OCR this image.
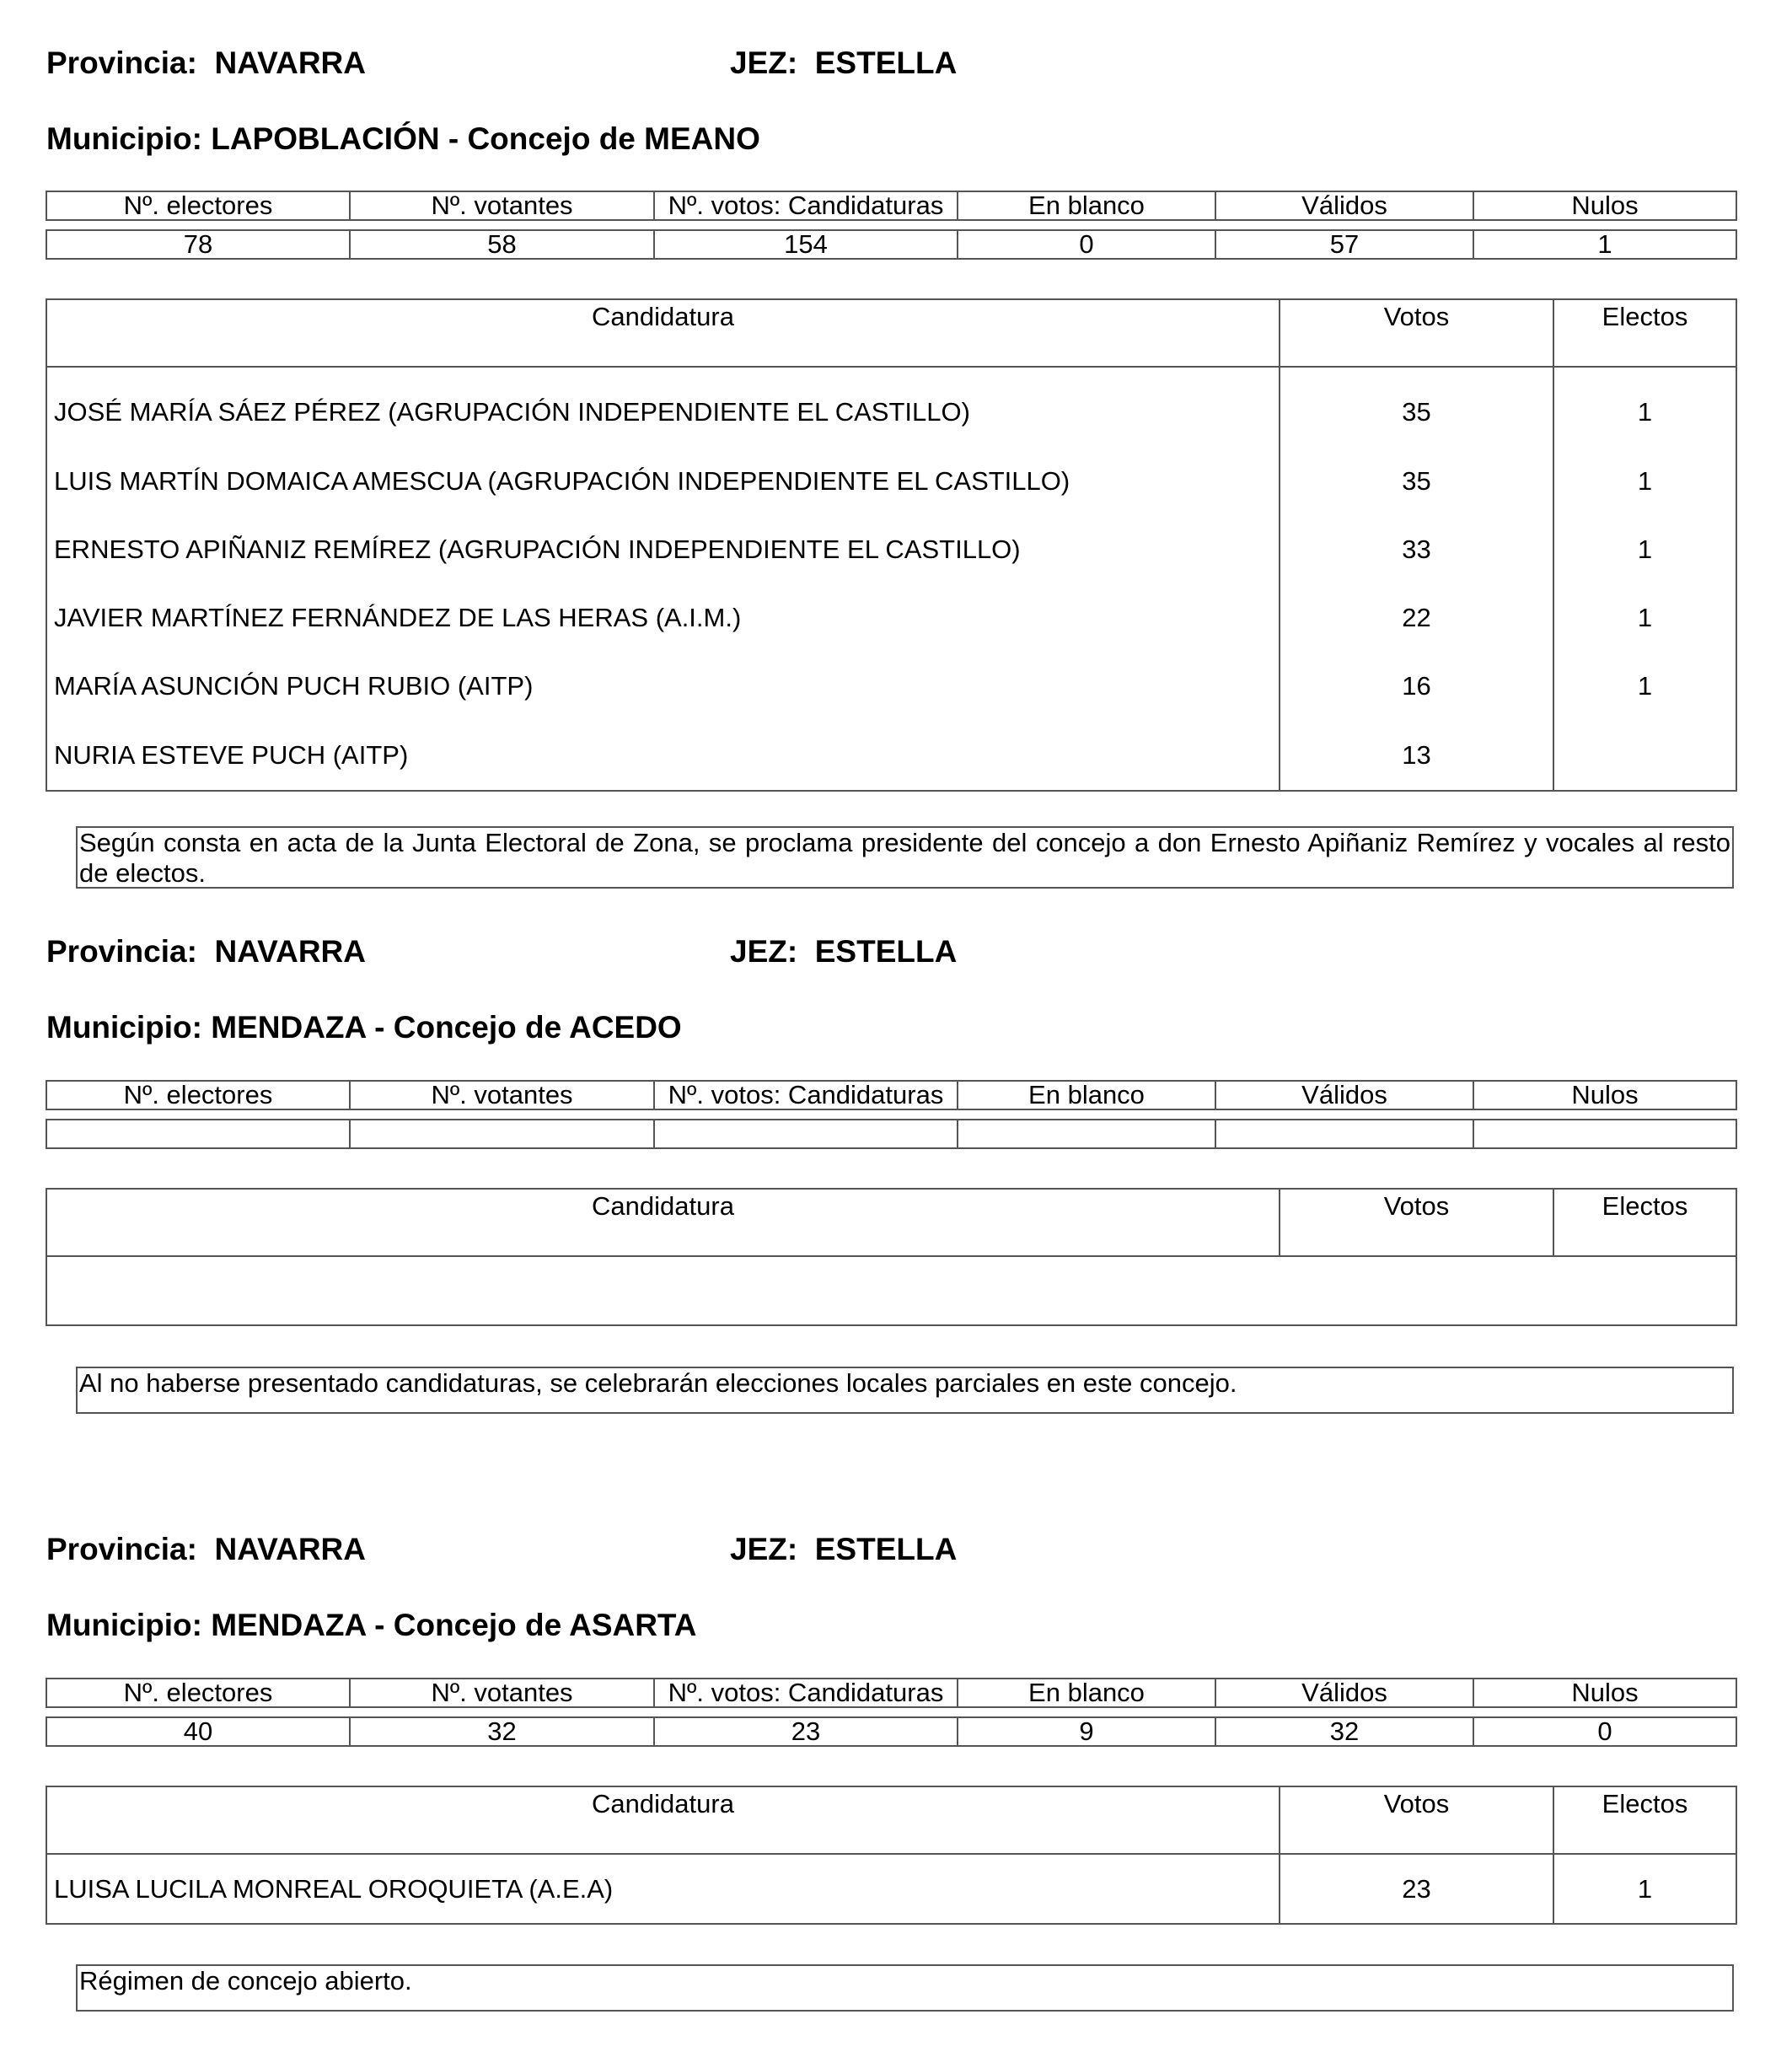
Provincia: NAVARRA	JEZ: ESTELLA
Municipio: LAPOBLACIÓN - Concejo de MEANO
Nº. electores	Nº. votantes	Nº. votos: Candidaturas	En blanco	Válidos	Nulos

78	58	154	0	57	1
Candidatura	Votos	Electos
JOSÉ MARÍA SÁEZ PÉREZ (AGRUPACIÓN INDEPENDIENTE EL CASTILLO)	35	1
LUIS MARTÍN DOMAICA AMESCUA (AGRUPACIÓN INDEPENDIENTE EL CASTILLO)	35	1
ERNESTO APIÑANIZ REMÍREZ (AGRUPACIÓN INDEPENDIENTE EL CASTILLO)	33	1
JAVIER MARTÍNEZ FERNÁNDEZ DE LAS HERAS (A.I.M.)	22	1
MARÍA ASUNCIÓN PUCH RUBIO (AITP)	16	1
NURIA ESTEVE PUCH (AITP)	13	
Según consta en acta de la Junta Electoral de Zona, se proclama presidente del concejo a don Ernesto Apiñaniz Remírez y vocales al resto de electos.
Provincia: NAVARRA	JEZ: ESTELLA
Municipio: MENDAZA - Concejo de ACEDO
Nº. electores	Nº. votantes	Nº. votos: Candidaturas	En blanco	Válidos	Nulos

Candidatura	Votos	Electos

Al no haberse presentado candidaturas, se celebrarán elecciones locales parciales en este concejo.
Provincia: NAVARRA	JEZ: ESTELLA
Municipio: MENDAZA - Concejo de ASARTA
Nº. electores	Nº. votantes	Nº. votos: Candidaturas	En blanco	Válidos	Nulos

40	32	23	9	32	0
Candidatura	Votos	Electos
LUISA LUCILA MONREAL OROQUIETA (A.E.A)	23	1
Régimen de concejo abierto.
